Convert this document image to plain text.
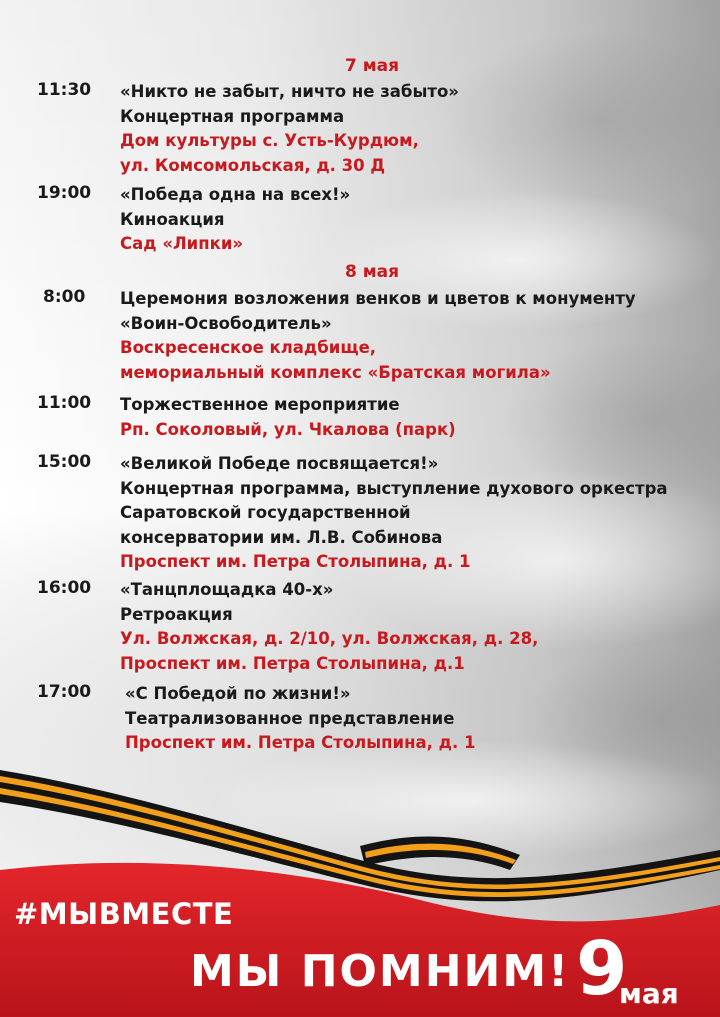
7 мая
11:30 «Никто не забыт, ничто не забыто»
Концертная программа
Дом культуры с. Усть-Курдюм,
ул. Комсомольская, д. 30 Д
19:00 «Победа одна на всех!»
Киноакция
Сад «Липки»
8 мая
8:00 Церемония возложения венков и цветов к монументу
«Воин-Освободитель»
Воскресенское кладбище,
мемориальный комплекс «Братская могила»
11:00 Торжественное мероприятие
Рп. Соколовый, ул. Чкалова (парк)
15:00 «Великой Победе посвящается!»
Концертная программа, выступление духового оркестра
Саратовской государственной
консерватории им. Л.В. Собинова
Проспект им. Петра Столыпина, д. 1
16:00 «Танцплощадка 40-х»
Ретроакция
Ул. Волжская, д. 2/10, ул. Волжская, д. 28,
Проспект им. Петра Столыпина, д.1
17:00 «С Победой по жизни!»
Театрализованное представление
Проспект им. Петра Столыпина, д. 1
#МЫВМЕСТЕ
МЫ ПОМНИМ! 9
мая
